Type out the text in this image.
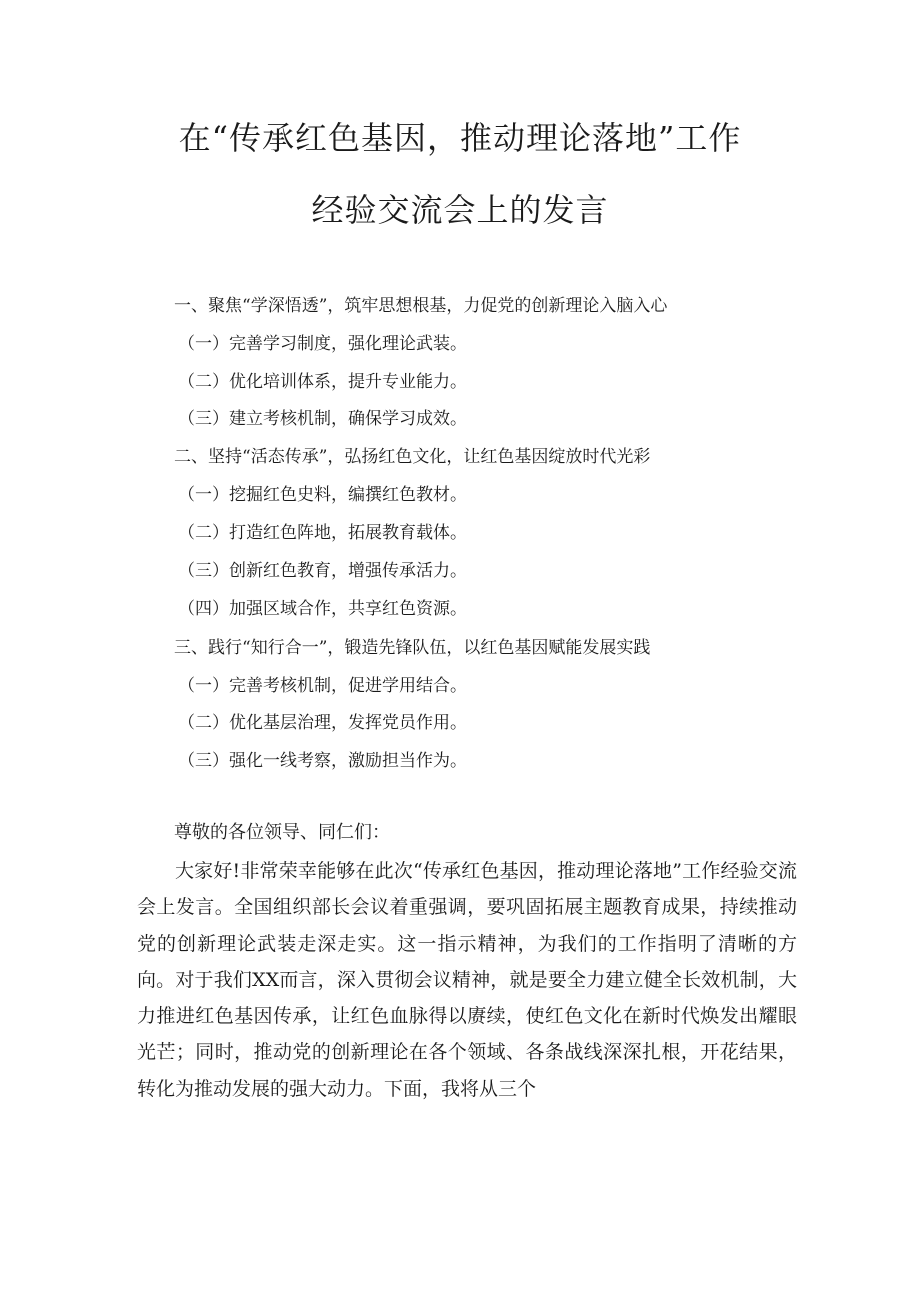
在“传承红色基因，推动理论落地”工作
经验交流会上的发言
一、聚焦“学深悟透”，筑牢思想根基，力促党的创新理论入脑入心
（一）完善学习制度，强化理论武装。
（二）优化培训体系，提升专业能力。
（三）建立考核机制，确保学习成效。
二、坚持“活态传承”，弘扬红色文化，让红色基因绽放时代光彩
（一）挖掘红色史料，编撰红色教材。
（二）打造红色阵地，拓展教育载体。
（三）创新红色教育，增强传承活力。
（四）加强区域合作，共享红色资源。
三、践行“知行合一”，锻造先锋队伍，以红色基因赋能发展实践
（一）完善考核机制，促进学用结合。
（二）优化基层治理，发挥党员作用。
（三）强化一线考察，激励担当作为。
尊敬的各位领导、同仁们：

大家好!非常荣幸能够在此次“传承红色基因，推动理论落地”工作经验交流会上发言。全国组织部长会议着重强调，要巩固拓展主题教育成果，持续推动党的创新理论武装走深走实。这一指示精神，为我们的工作指明了清晰的方向。对于我们XX而言，深入贯彻会议精神，就是要全力建立健全长效机制，大力推进红色基因传承，让红色血脉得以赓续，使红色文化在新时代焕发出耀眼光芒；同时，推动党的创新理论在各个领域、各条战线深深扎根，开花结果，转化为推动发展的强大动力。下面，我将从三个
